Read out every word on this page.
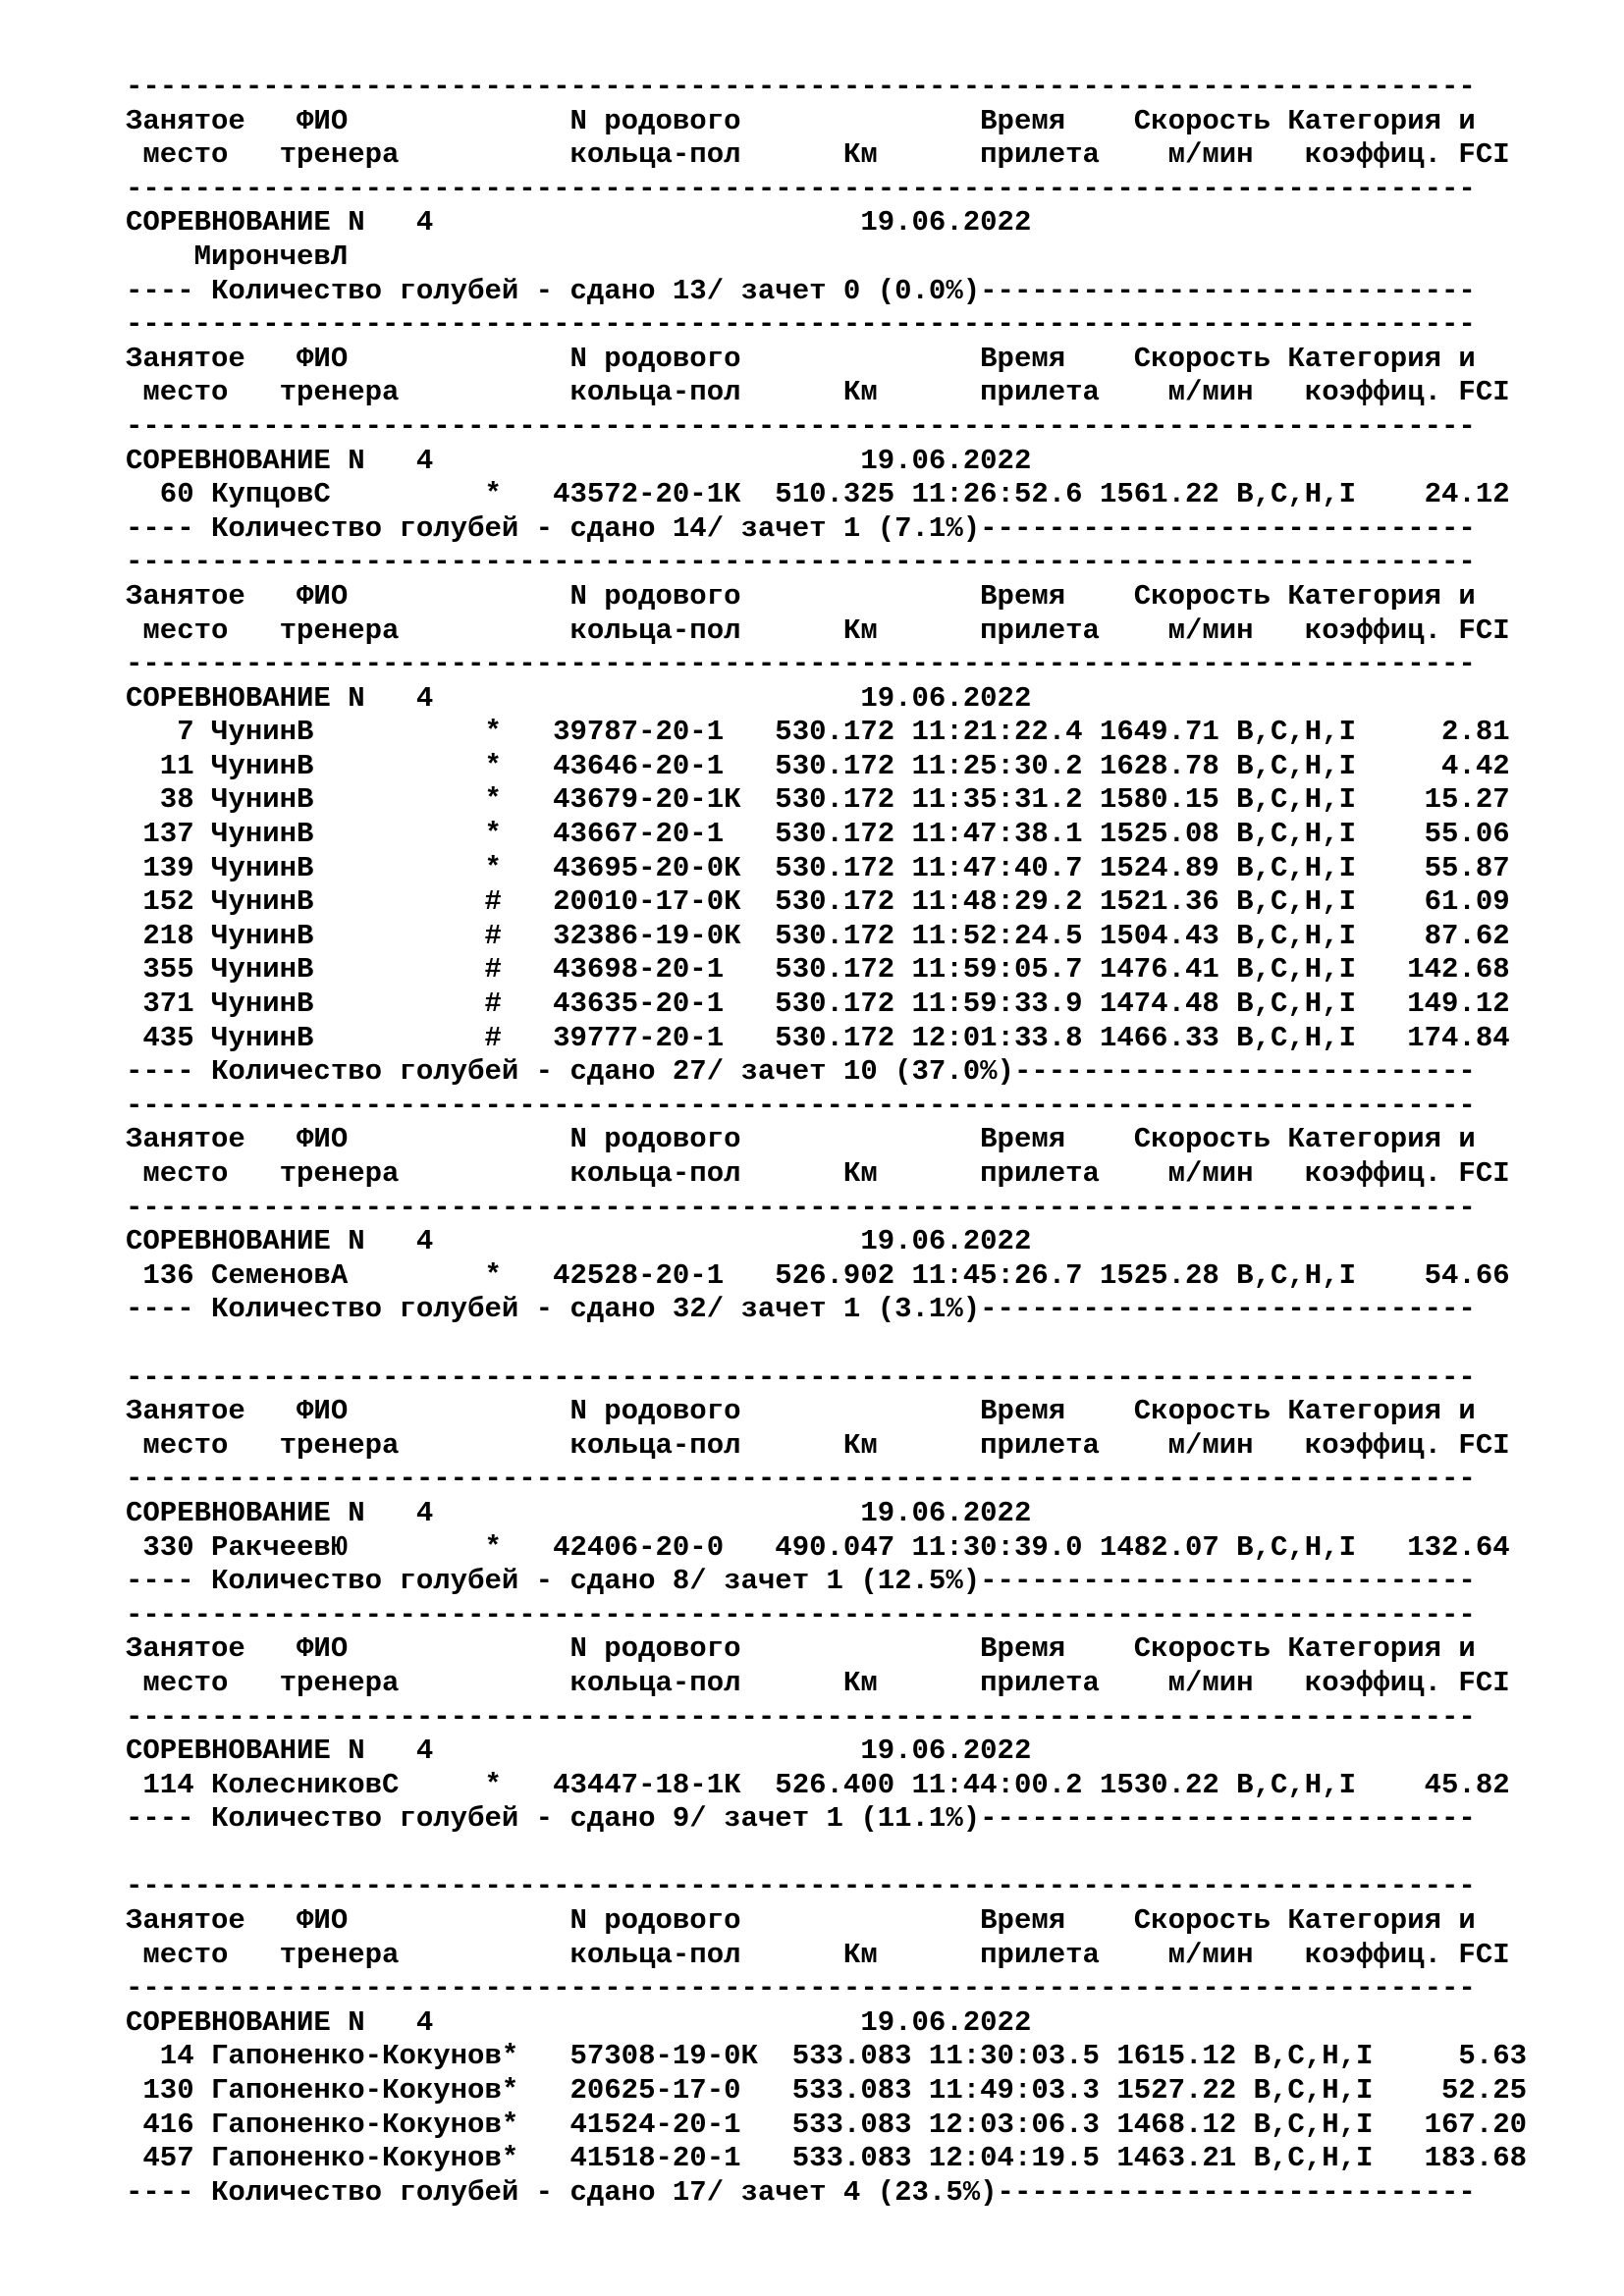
-------------------------------------------------------------------------------
Занятое   ФИО             N родового              Время    Скорость Категория и
место   тренера          кольца-пол      Км      прилета    м/мин   коэффиц. FCI
-------------------------------------------------------------------------------
СОРЕВНОВАНИЕ N   4                         19.06.2022
МирончевЛ
---- Количество голубей - сдано 13/ зачет 0 (0.0%)-----------------------------
-------------------------------------------------------------------------------
Занятое   ФИО             N родового              Время    Скорость Категория и
место   тренера          кольца-пол      Км      прилета    м/мин   коэффиц. FCI
-------------------------------------------------------------------------------
СОРЕВНОВАНИЕ N   4                         19.06.2022
60 КупцовС         *   43572-20-1К  510.325 11:26:52.6 1561.22 B,C,H,I    24.12
---- Количество голубей - сдано 14/ зачет 1 (7.1%)-----------------------------
-------------------------------------------------------------------------------
Занятое   ФИО             N родового              Время    Скорость Категория и
место   тренера          кольца-пол      Км      прилета    м/мин   коэффиц. FCI
-------------------------------------------------------------------------------
СОРЕВНОВАНИЕ N   4                         19.06.2022
7 ЧунинВ          *   39787-20-1   530.172 11:21:22.4 1649.71 B,C,H,I     2.81
11 ЧунинВ          *   43646-20-1   530.172 11:25:30.2 1628.78 B,C,H,I     4.42
38 ЧунинВ          *   43679-20-1К  530.172 11:35:31.2 1580.15 B,C,H,I    15.27
137 ЧунинВ          *   43667-20-1   530.172 11:47:38.1 1525.08 B,C,H,I    55.06
139 ЧунинВ          *   43695-20-0К  530.172 11:47:40.7 1524.89 B,C,H,I    55.87
152 ЧунинВ          #   20010-17-0К  530.172 11:48:29.2 1521.36 B,C,H,I    61.09
218 ЧунинВ          #   32386-19-0К  530.172 11:52:24.5 1504.43 B,C,H,I    87.62
355 ЧунинВ          #   43698-20-1   530.172 11:59:05.7 1476.41 B,C,H,I   142.68
371 ЧунинВ          #   43635-20-1   530.172 11:59:33.9 1474.48 B,C,H,I   149.12
435 ЧунинВ          #   39777-20-1   530.172 12:01:33.8 1466.33 B,C,H,I   174.84
---- Количество голубей - сдано 27/ зачет 10 (37.0%)---------------------------
-------------------------------------------------------------------------------
Занятое   ФИО             N родового              Время    Скорость Категория и
место   тренера          кольца-пол      Км      прилета    м/мин   коэффиц. FCI
-------------------------------------------------------------------------------
СОРЕВНОВАНИЕ N   4                         19.06.2022
136 СеменовА        *   42528-20-1   526.902 11:45:26.7 1525.28 B,C,H,I    54.66
---- Количество голубей - сдано 32/ зачет 1 (3.1%)-----------------------------
-------------------------------------------------------------------------------
Занятое   ФИО             N родового              Время    Скорость Категория и
место   тренера          кольца-пол      Км      прилета    м/мин   коэффиц. FCI
-------------------------------------------------------------------------------
СОРЕВНОВАНИЕ N   4                         19.06.2022
330 РакчеевЮ        *   42406-20-0   490.047 11:30:39.0 1482.07 B,C,H,I   132.64
---- Количество голубей - сдано 8/ зачет 1 (12.5%)-----------------------------
-------------------------------------------------------------------------------
Занятое   ФИО             N родового              Время    Скорость Категория и
место   тренера          кольца-пол      Км      прилета    м/мин   коэффиц. FCI
-------------------------------------------------------------------------------
СОРЕВНОВАНИЕ N   4                         19.06.2022
114 КолесниковС     *   43447-18-1К  526.400 11:44:00.2 1530.22 B,C,H,I    45.82
---- Количество голубей - сдано 9/ зачет 1 (11.1%)-----------------------------
-------------------------------------------------------------------------------
Занятое   ФИО             N родового              Время    Скорость Категория и
место   тренера          кольца-пол      Км      прилета    м/мин   коэффиц. FCI
-------------------------------------------------------------------------------
СОРЕВНОВАНИЕ N   4                         19.06.2022
14 Гапоненко-Кокунов*   57308-19-0К  533.083 11:30:03.5 1615.12 B,C,H,I     5.63
130 Гапоненко-Кокунов*   20625-17-0   533.083 11:49:03.3 1527.22 B,C,H,I    52.25
416 Гапоненко-Кокунов*   41524-20-1   533.083 12:03:06.3 1468.12 B,C,H,I   167.20
457 Гапоненко-Кокунов*   41518-20-1   533.083 12:04:19.5 1463.21 B,C,H,I   183.68
---- Количество голубей - сдано 17/ зачет 4 (23.5%)----------------------------
